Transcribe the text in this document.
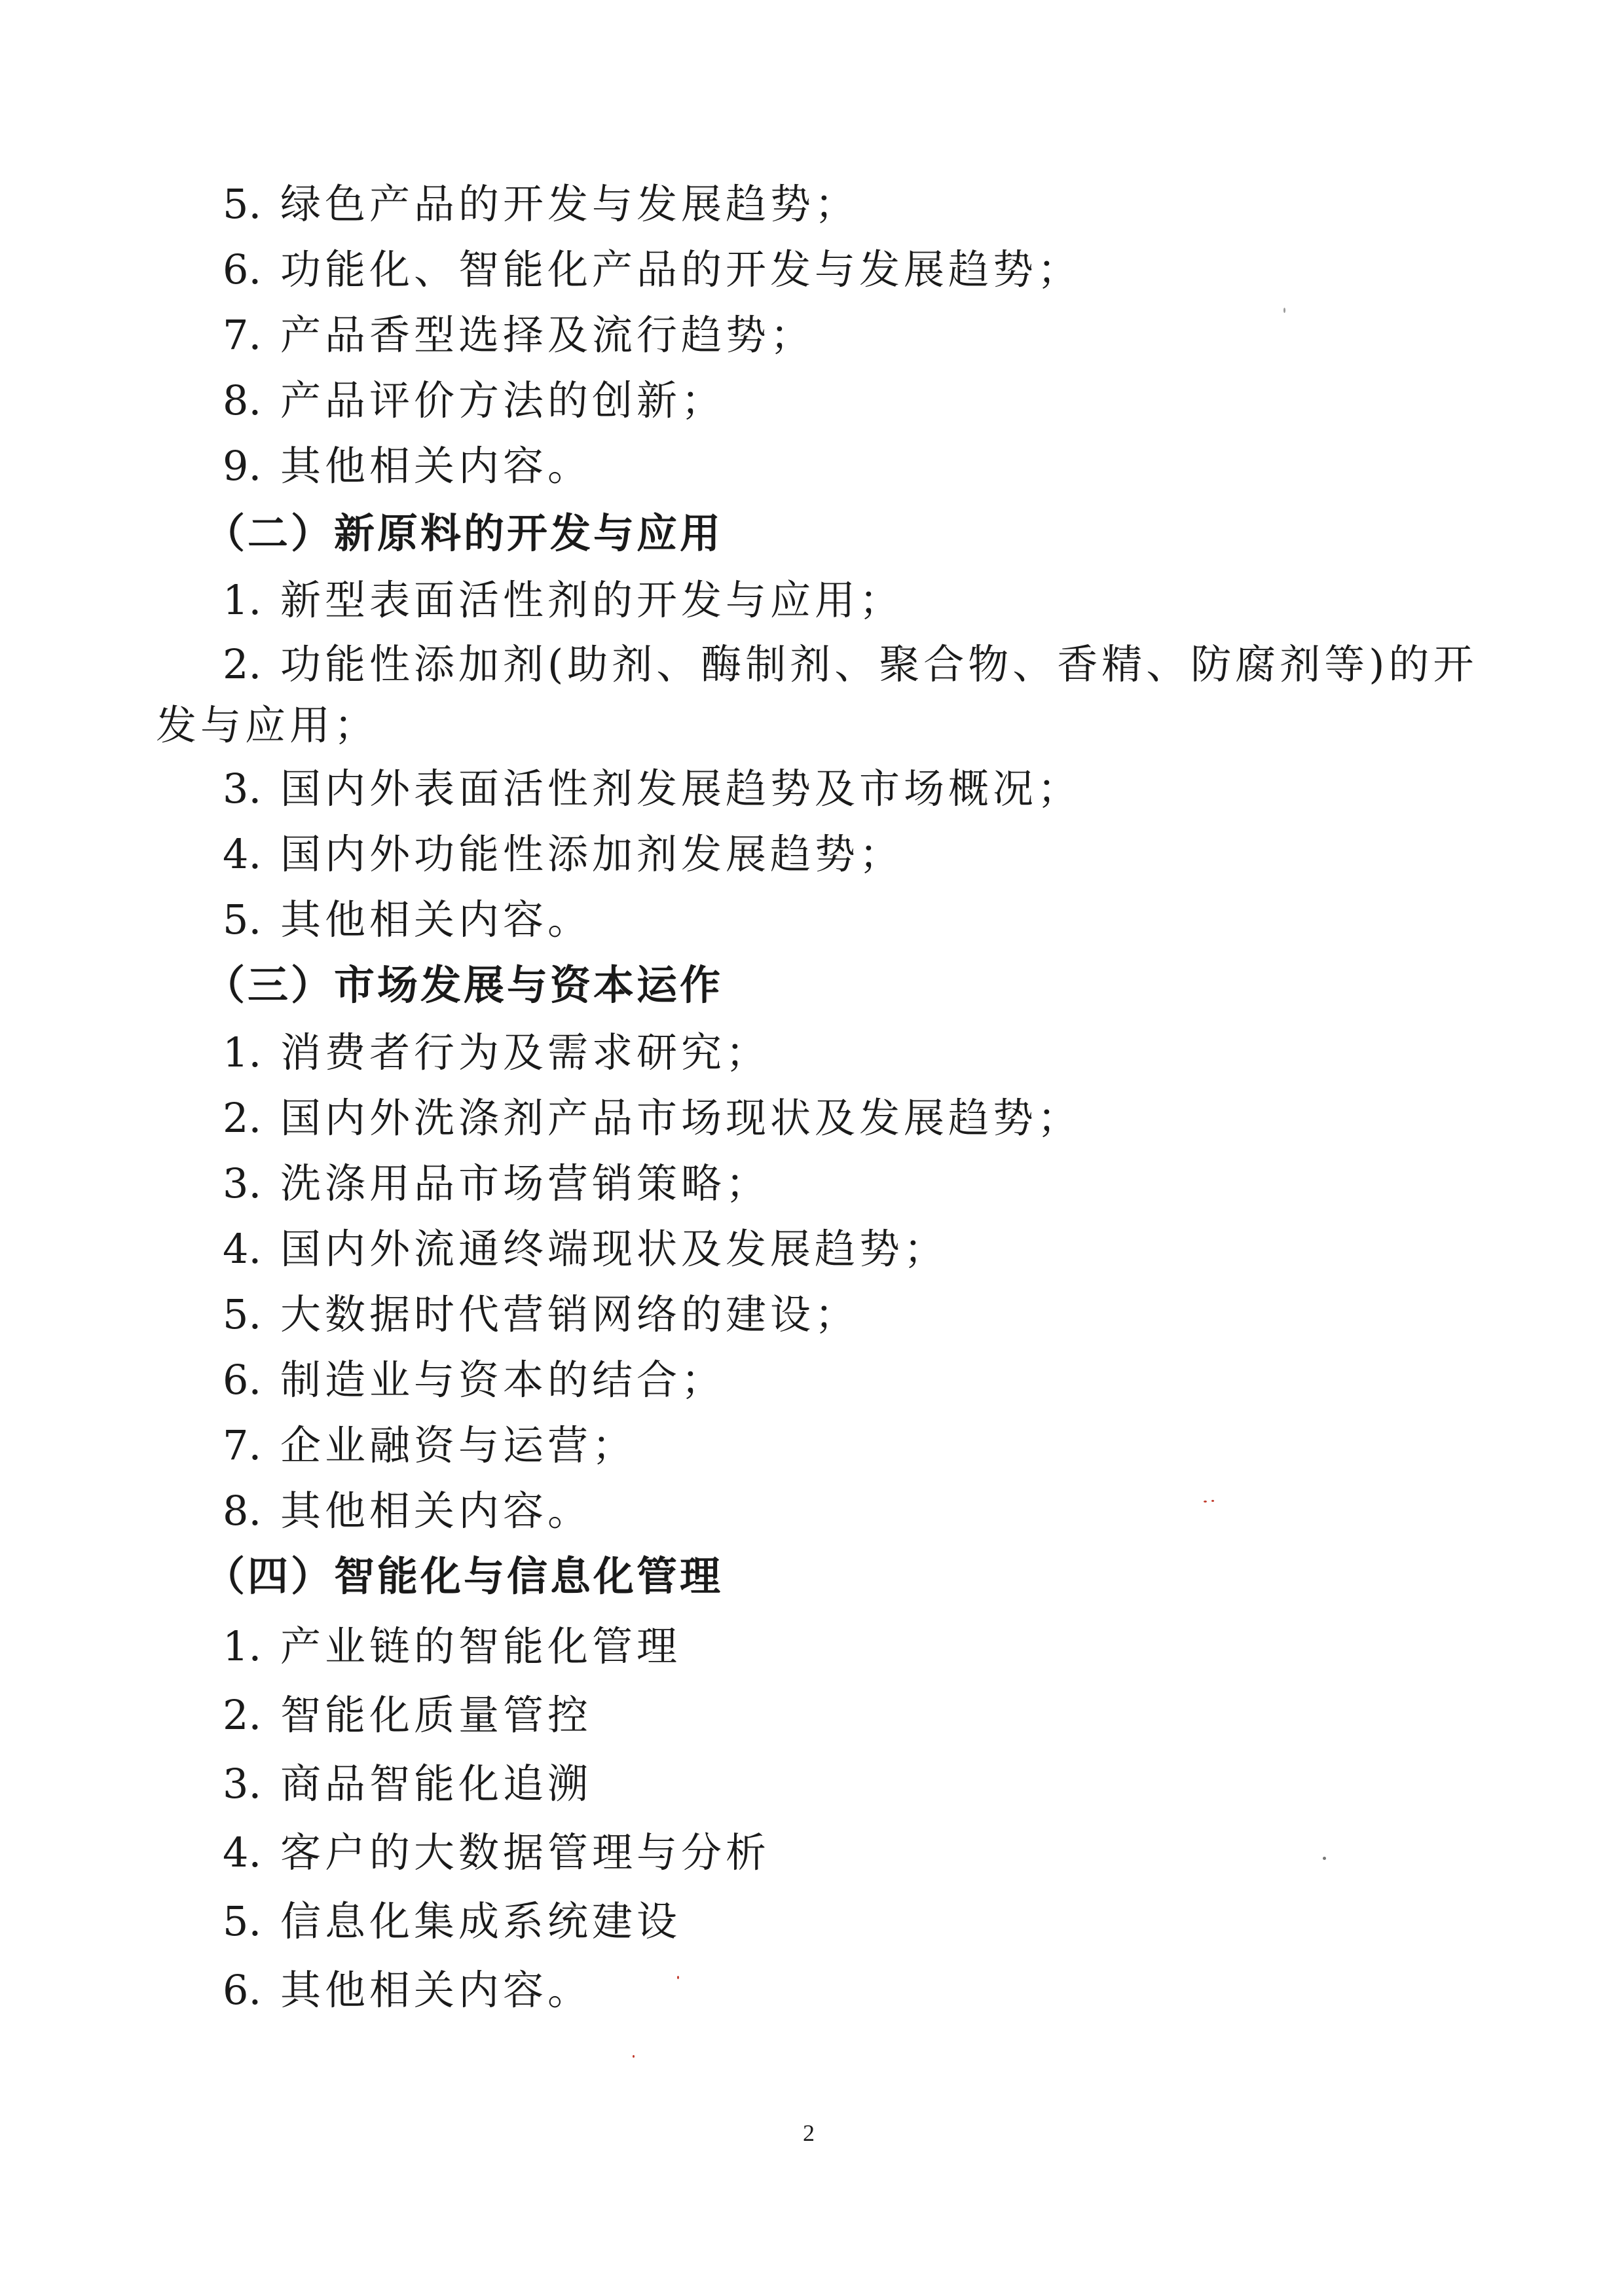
5. 绿色产品的开发与发展趋势；
6. 功能化、智能化产品的开发与发展趋势；
7. 产品香型选择及流行趋势；
8. 产品评价方法的创新；
9. 其他相关内容。
（二）新原料的开发与应用
1. 新型表面活性剂的开发与应用；
2. 功能性添加剂(助剂、酶制剂、聚合物、香精、防腐剂等)的开
发与应用；
3. 国内外表面活性剂发展趋势及市场概况；
4. 国内外功能性添加剂发展趋势；
5. 其他相关内容。
（三）市场发展与资本运作
1. 消费者行为及需求研究；
2. 国内外洗涤剂产品市场现状及发展趋势；
3. 洗涤用品市场营销策略；
4. 国内外流通终端现状及发展趋势；
5. 大数据时代营销网络的建设；
6. 制造业与资本的结合；
7. 企业融资与运营；
8. 其他相关内容。
（四）智能化与信息化管理
1. 产业链的智能化管理
2. 智能化质量管控
3. 商品智能化追溯
4. 客户的大数据管理与分析
5. 信息化集成系统建设
6. 其他相关内容。
2
